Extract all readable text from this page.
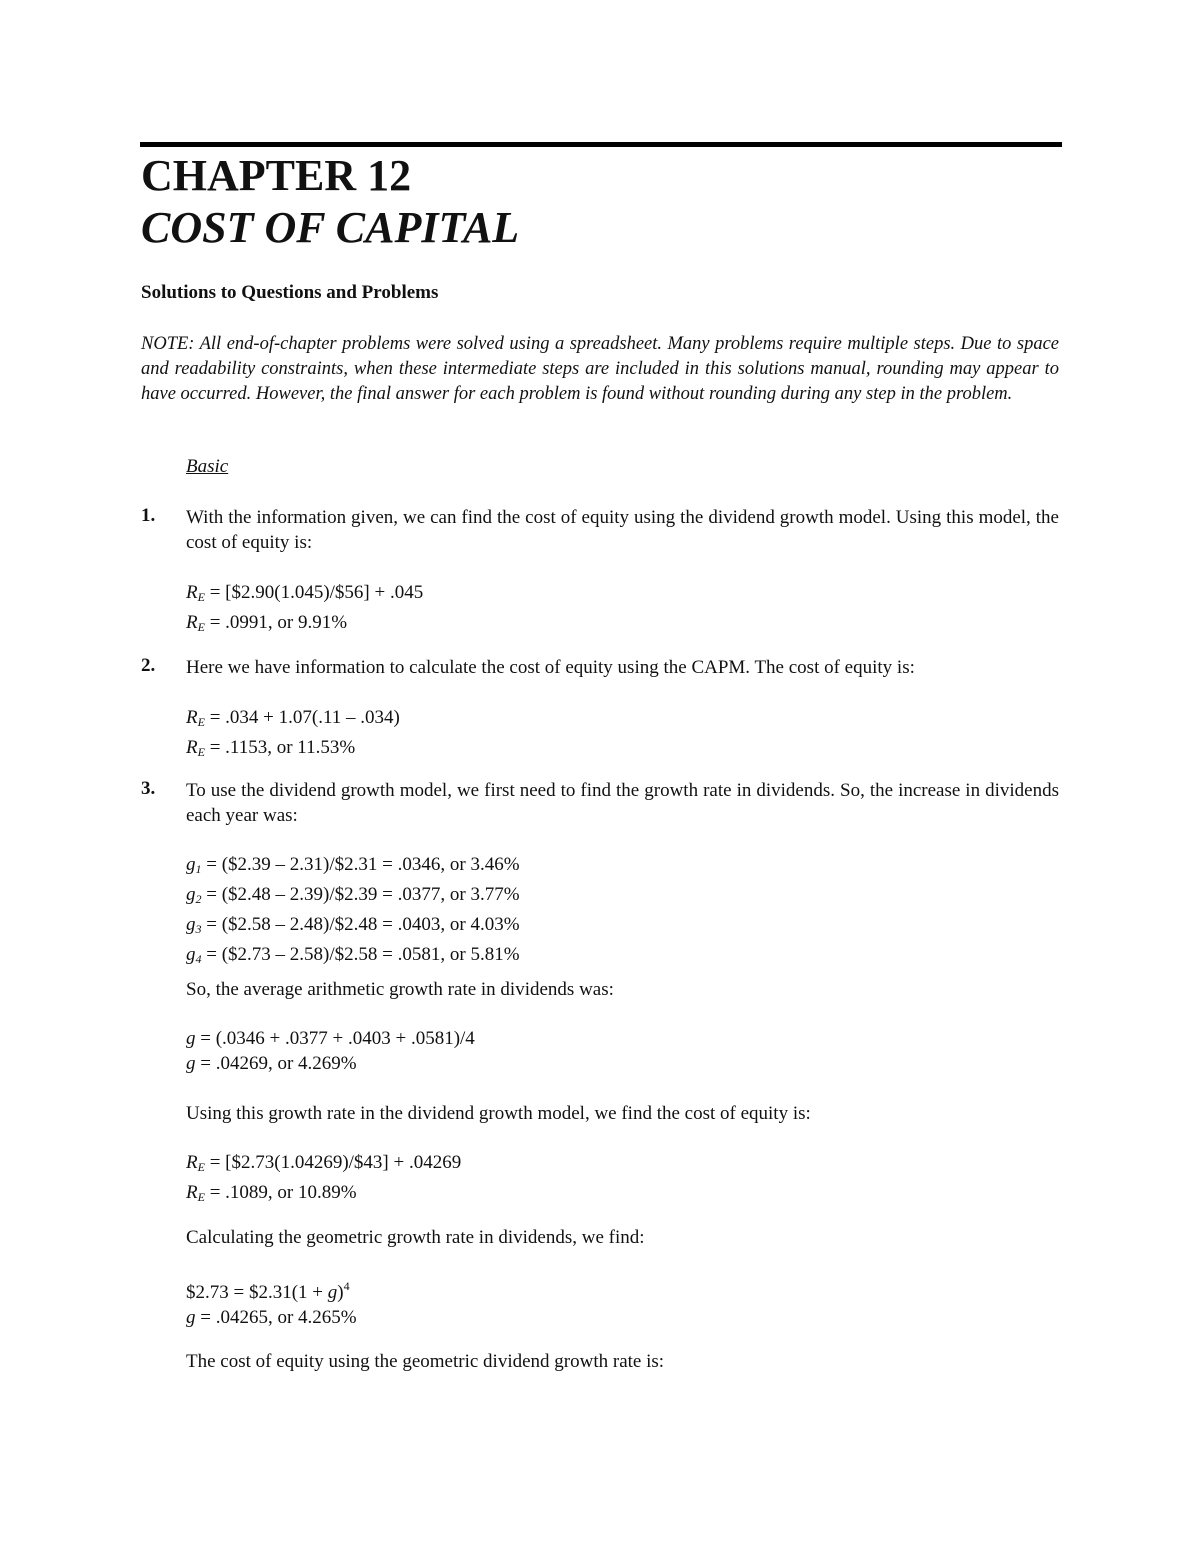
CHAPTER 12
COST OF CAPITAL
Solutions to Questions and Problems
NOTE: All end-of-chapter problems were solved using a spreadsheet. Many problems require multiple steps. Due to space and readability constraints, when these intermediate steps are included in this solutions manual, rounding may appear to have occurred. However, the final answer for each problem is found without rounding during any step in the problem.
Basic
1. With the information given, we can find the cost of equity using the dividend growth model. Using this model, the cost of equity is:
RE = [$2.90(1.045)/$56] + .045
RE = .0991, or 9.91%
2. Here we have information to calculate the cost of equity using the CAPM. The cost of equity is:
RE = .034 + 1.07(.11 – .034)
RE = .1153, or 11.53%
3. To use the dividend growth model, we first need to find the growth rate in dividends. So, the increase in dividends each year was:
g1 = ($2.39 – 2.31)/$2.31 = .0346, or 3.46%
g2 = ($2.48 – 2.39)/$2.39 = .0377, or 3.77%
g3 = ($2.58 – 2.48)/$2.48 = .0403, or 4.03%
g4 = ($2.73 – 2.58)/$2.58 = .0581, or 5.81%
So, the average arithmetic growth rate in dividends was:
g = (.0346 + .0377 + .0403 + .0581)/4
g = .04269, or 4.269%
Using this growth rate in the dividend growth model, we find the cost of equity is:
RE = [$2.73(1.04269)/$43] + .04269
RE = .1089, or 10.89%
Calculating the geometric growth rate in dividends, we find:
$2.73 = $2.31(1 + g)$^4$
g = .04265, or 4.265%
The cost of equity using the geometric dividend growth rate is:
